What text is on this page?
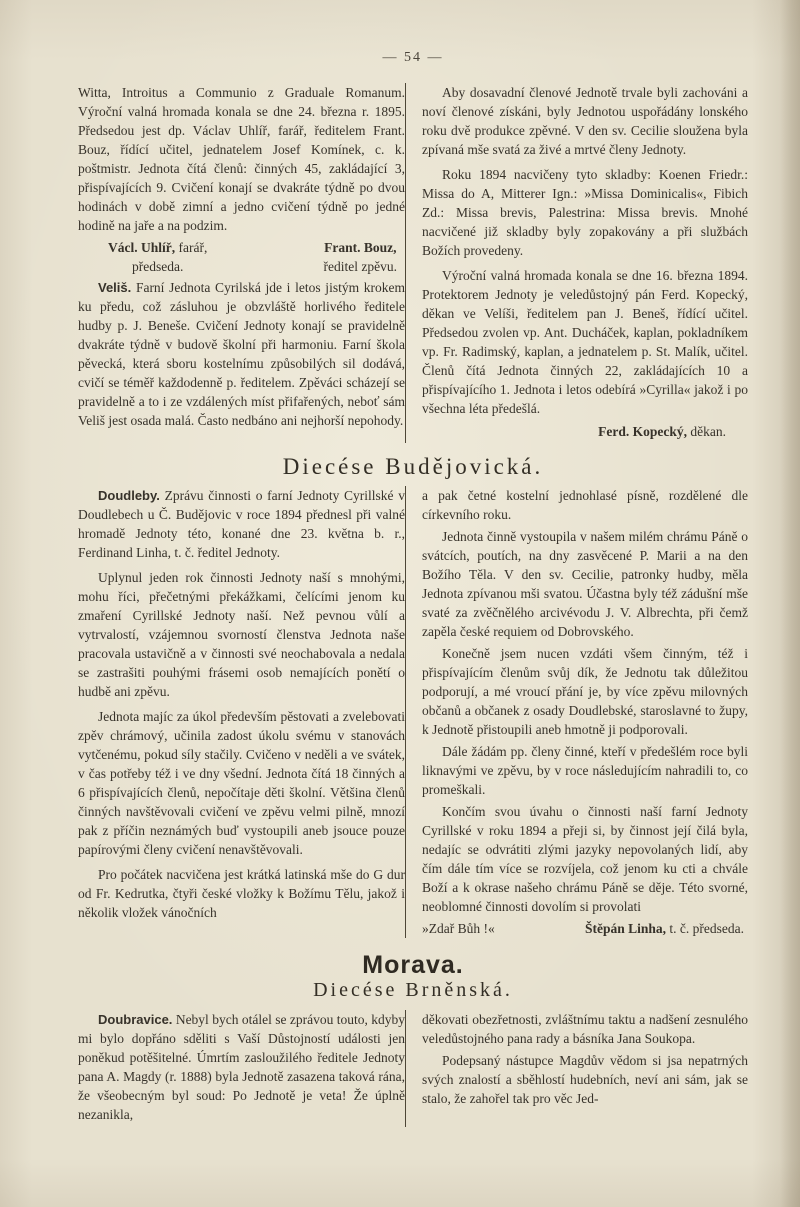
— 54 —

Witta, Introitus a Communio z Graduale Romanum. Výroční valná hromada konala se dne 24. března r. 1895. Předsedou jest dp. Václav Uhlíř, farář, ředitelem Frant. Bouz, řídící učitel, jednatelem Josef Komínek, c. k. poštmistr. Jednota čítá členů: činných 45, zakládající 3, přispívajících 9. Cvičení konají se dvakráte týdně po dvou hodinách v době zimní a jedno cvičení týdně po jedné hodině na jaře a na podzim.

Václ. Uhlíř, farář,
předseda.
Frant. Bouz,
ředitel zpěvu.

Veliš. Farní Jednota Cyrilská jde i letos jistým krokem ku předu, což zásluhou je obzvláště horlivého ředitele hudby p. J. Beneše. Cvičení Jednoty konají se pravidelně dvakráte týdně v budově školní při harmoniu. Farní škola pěvecká, která sboru kostelnímu způsobilých sil dodává, cvičí se téměř každodenně p. ředitelem. Zpěváci scházejí se pravidelně a to i ze vzdálených míst přifařených, neboť sám Veliš jest osada malá. Často nedbáno ani nejhorší nepohody.

Aby dosavadní členové Jednotě trvale byli zachováni a noví členové získáni, byly Jednotou uspořádány lonského roku dvě produkce zpěvné. V den sv. Cecilie sloužena byla zpívaná mše svatá za živé a mrtvé členy Jednoty.

Roku 1894 nacvičeny tyto skladby: Koenen Friedr.: Missa do A, Mitterer Ign.: »Missa Dominicalis«, Fibich Zd.: Missa brevis, Palestrina: Missa brevis. Mnohé nacvičené již skladby byly zopakovány a při službách Božích provedeny.

Výroční valná hromada konala se dne 16. března 1894. Protektorem Jednoty je veledůstojný pán Ferd. Kopecký, děkan ve Velíši, ředitelem pan J. Beneš, řídící učitel. Předsedou zvolen vp. Ant. Ducháček, kaplan, pokladníkem vp. Fr. Radimský, kaplan, a jednatelem p. St. Malík, učitel. Členů čítá Jednota činných 22, zakládajících 10 a přispívajícího 1. Jednota i letos odebírá »Cyrilla« jakož i po všechna léta předešlá.

Ferd. Kopecký, děkan.
Diecése Budějovická.

Doudleby. Zprávu činnosti o farní Jednoty Cyrillské v Doudlebech u Č. Budějovic v roce 1894 přednesl při valné hromadě Jednoty této, konané dne 23. května b. r., Ferdinand Linha, t. č. ředitel Jednoty.

Uplynul jeden rok činnosti Jednoty naší s mnohými, mohu říci, přečetnými překážkami, čelícími jenom ku zmaření Cyrillské Jednoty naší. Než pevnou vůlí a vytrvalostí, vzájemnou svorností členstva Jednota naše pracovala ustavičně a v činnosti své neochabovala a nedala se zastrašiti pouhými frásemi osob nemajících ponětí o hudbě ani zpěvu.

Jednota majíc za úkol především pěstovati a zvelebovati zpěv chrámový, učinila zadost úkolu svému v stanovách vytčenému, pokud síly stačily. Cvičeno v neděli a ve svátek, v čas potřeby též i ve dny všední. Jednota čítá 18 činných a 6 přispívajících členů, nepočítaje děti školní. Většina členů činných navštěvovali cvičení ve zpěvu velmi pilně, mnozí pak z příčin neznámých buď vystoupili aneb jsouce pouze papírovými členy cvičení nenavštěvovali.

Pro počátek nacvičena jest krátká latinská mše do G dur od Fr. Kedrutka, čtyři české vložky k Božímu Tělu, jakož i několik vložek vánočních

a pak četné kostelní jednohlasé písně, rozdělené dle církevního roku.

Jednota činně vystoupila v našem milém chrámu Páně o svátcích, poutích, na dny zasvěcené P. Marii a na den Božího Těla. V den sv. Cecilie, patronky hudby, měla Jednota zpívanou mši svatou. Účastna byly též zádušní mše svaté za zvěčnělého arcivévodu J. V. Albrechta, při čemž zapěla české requiem od Dobrovského.

Konečně jsem nucen vzdáti všem činným, též i přispívajícím členům svůj dík, že Jednotu tak důležitou podporují, a mé vroucí přání je, by více zpěvu milovných občanů a občanek z osady Doudlebské, staroslavné to župy, k Jednotě přistoupili aneb hmotně ji podporovali.

Dále žádám pp. členy činné, kteří v předešlém roce byli liknavými ve zpěvu, by v roce následujícím nahradili to, co promeškali.

Končím svou úvahu o činnosti naší farní Jednoty Cyrillské v roku 1894 a přeji si, by činnost její čilá byla, nedajíc se odvrátiti zlými jazyky nepovolaných lidí, aby čím dále tím více se rozvíjela, což jenom ku cti a chvále Boží a k okrase našeho chrámu Páně se děje. Této svorné, neoblomné činnosti dovolím si provolati

»Zdař Bůh !«	Štěpán Linha, t. č. předseda.
Morava.
Diecése Brněnská.

Doubravice. Nebyl bych otálel se zprávou touto, kdyby mi bylo dopřáno sděliti s Vaší Důstojností události jen poněkud potěšitelné. Úmrtím zasloužilého ředitele Jednoty pana A. Magdy (r. 1888) byla Jednotě zasazena taková rána, že všeobecným byl soud: Po Jednotě je veta! Že úplně nezanikla,

děkovati obezřetnosti, zvláštnímu taktu a nadšení zesnulého veledůstojného pana rady a básníka Jana Soukopa.

Podepsaný nástupce Magdův vědom si jsa nepatrných svých znalostí a sběhlostí hudebních, neví ani sám, jak se stalo, že zahořel tak pro věc Jed-
